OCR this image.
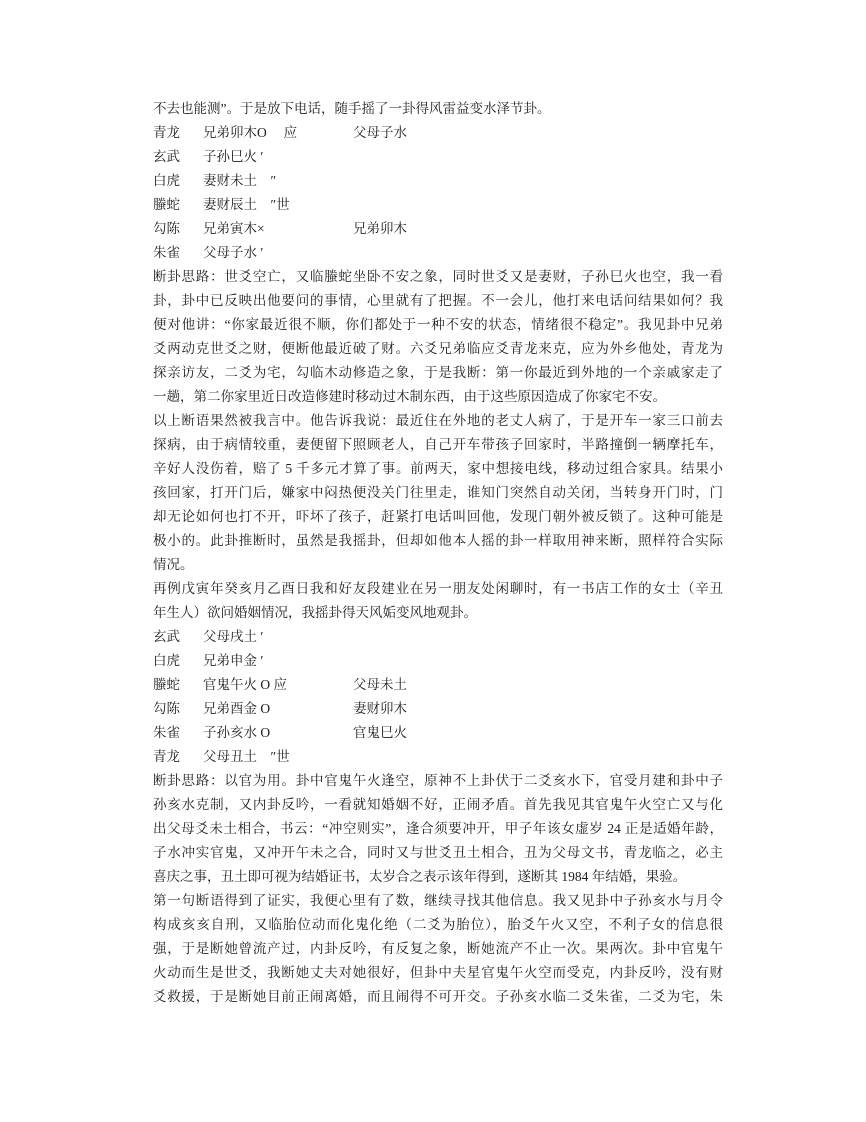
不去也能测”。于是放下电话，随手摇了一卦得风雷益变水泽节卦。
青龙	兄弟卯木O　 应	父母子水
玄武	子孙巳火 ′
白虎	妻财未土　″
螣蛇	妻财辰土　″世
勾陈	兄弟寅木×	兄弟卯木
朱雀	父母子水 ′
断卦思路：世爻空亡，又临螣蛇坐卧不安之象，同时世爻又是妻财，子孙巳火也空，我一看
卦，卦中已反映出他要问的事情，心里就有了把握。不一会儿，他打来电话问结果如何？我
便对他讲：“你家最近很不顺，你们都处于一种不安的状态，情绪很不稳定”。我见卦中兄弟
爻两动克世爻之财，便断他最近破了财。六爻兄弟临应爻青龙来克，应为外乡他处，青龙为
探亲访友，二爻为宅，勾临木动修造之象，于是我断：第一你最近到外地的一个亲戚家走了
一趟，第二你家里近日改造修建时移动过木制东西，由于这些原因造成了你家宅不安。
以上断语果然被我言中。他告诉我说：最近住在外地的老丈人病了，于是开车一家三口前去
探病，由于病情较重，妻便留下照顾老人，自己开车带孩子回家时，半路撞倒一辆摩托车，
辛好人没伤着，赔了 5 千多元才算了事。前两天，家中想接电线，移动过组合家具。结果小
孩回家，打开门后，嫌家中闷热便没关门往里走，谁知门突然自动关闭，当转身开门时，门
却无论如何也打不开，吓坏了孩子，赶紧打电话叫回他，发现门朝外被反锁了。这种可能是
极小的。此卦推断时，虽然是我摇卦，但却如他本人摇的卦一样取用神来断，照样符合实际
情况。
再例戊寅年癸亥月乙酉日我和好友段建业在另一朋友处闲聊时，有一书店工作的女士（辛丑
年生人）欲问婚姻情况，我摇卦得天风姤变风地观卦。
玄武	父母戌土 ′
白虎	兄弟申金 ′
螣蛇	官鬼午火 O 应	父母未土
勾陈	兄弟酉金 O	妻财卯木
朱雀	子孙亥水 O	官鬼巳火
青龙	父母丑土　″世
断卦思路：以官为用。卦中官鬼午火逢空，原神不上卦伏于二爻亥水下，官受月建和卦中子
孙亥水克制，又内卦反吟，一看就知婚姻不好，正闹矛盾。首先我见其官鬼午火空亡又与化
出父母爻未土相合，书云：“冲空则实”，逢合须要冲开，甲子年该女虚岁 24 正是适婚年龄，
子水冲实官鬼，又冲开午未之合，同时又与世爻丑土相合，丑为父母文书，青龙临之，必主
喜庆之事，丑土即可视为结婚证书，太岁合之表示该年得到，遂断其 1984 年结婚，果验。
第一句断语得到了证实，我便心里有了数，继续寻找其他信息。我又见卦中子孙亥水与月令
构成亥亥自刑，又临胎位动而化鬼化绝（二爻为胎位），胎爻午火又空，不利子女的信息很
强，于是断她曾流产过，内卦反吟，有反复之象，断她流产不止一次。果两次。卦中官鬼午
火动而生是世爻，我断她丈夫对她很好，但卦中夫星官鬼午火空而受克，内卦反吟，没有财
爻救援，于是断她目前正闹离婚，而且闹得不可开交。子孙亥水临二爻朱雀，二爻为宅，朱
